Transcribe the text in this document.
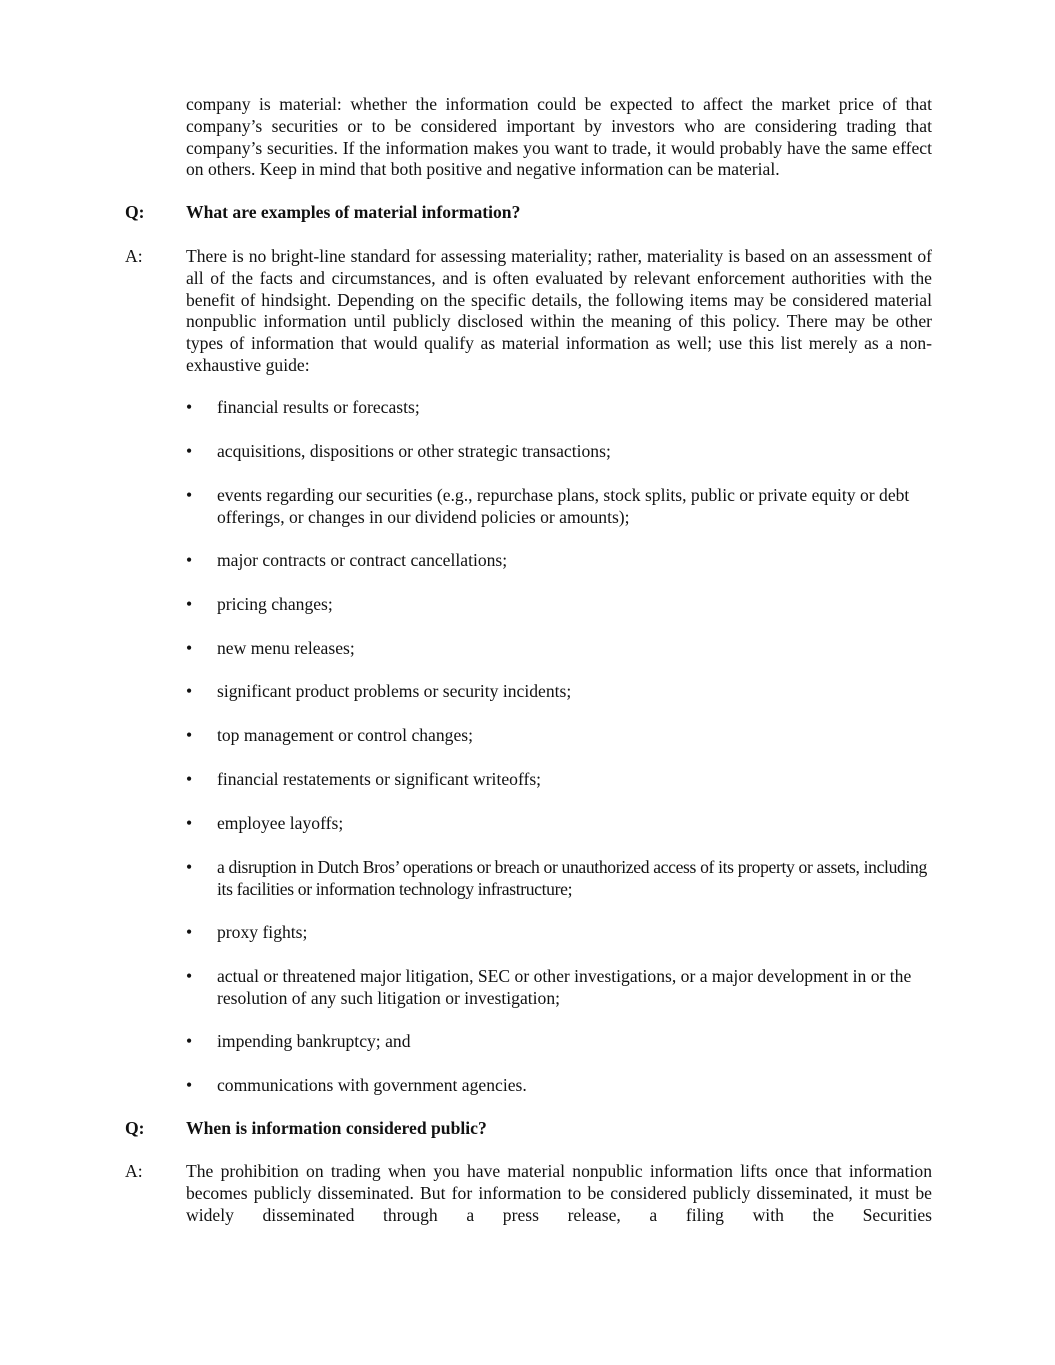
company is material: whether the information could be expected to affect the market price of that company’s securities or to be considered important by investors who are considering trading that company’s securities. If the information makes you want to trade, it would probably have the same effect on others. Keep in mind that both positive and negative information can be material.

Q: What are examples of material information?
A: There is no bright-line standard for assessing materiality; rather, materiality is based on an assessment of all of the facts and circumstances, and is often evaluated by relevant enforcement authorities with the benefit of hindsight. Depending on the specific details, the following items may be considered material nonpublic information until publicly disclosed within the meaning of this policy. There may be other types of information that would qualify as material information as well; use this list merely as a non-exhaustive guide:

•	financial results or forecasts;
•	acquisitions, dispositions or other strategic transactions;
•	events regarding our securities (e.g., repurchase plans, stock splits, public or private equity or debt offerings, or changes in our dividend policies or amounts);
•	major contracts or contract cancellations;
•	pricing changes;
•	new menu releases;
•	significant product problems or security incidents;
•	top management or control changes;
•	financial restatements or significant writeoffs;
•	employee layoffs;
•	a disruption in Dutch Bros’ operations or breach or unauthorized access of its property or assets, including its facilities or information technology infrastructure;
•	proxy fights;
•	actual or threatened major litigation, SEC or other investigations, or a major development in or the resolution of any such litigation or investigation;
•	impending bankruptcy; and
•	communications with government agencies.
Q: When is information considered public?
A: The prohibition on trading when you have material nonpublic information lifts once that information becomes publicly disseminated. But for information to be considered publicly disseminated, it must be widely disseminated through a press release, a filing with the Securities
